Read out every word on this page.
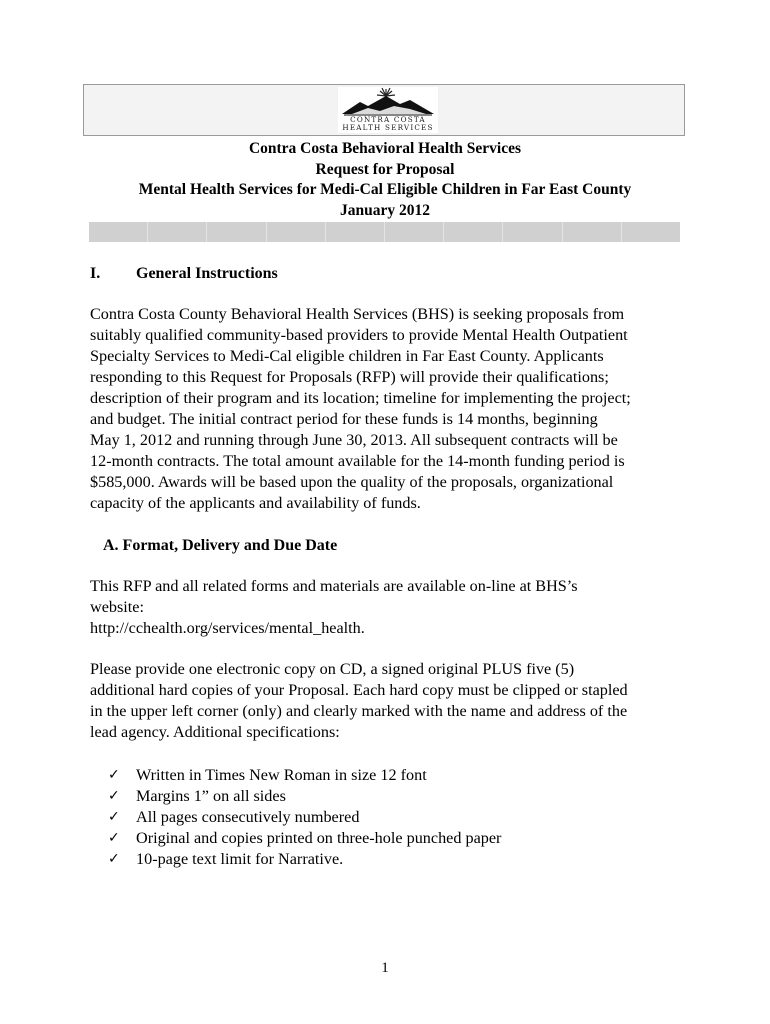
CONTRA COSTA
HEALTH SERVICES
Contra Costa Behavioral Health Services
Request for Proposal
Mental Health Services for Medi-Cal Eligible Children in Far East County
January 2012
I. General Instructions
Contra Costa County Behavioral Health Services (BHS) is seeking proposals from
suitably qualified community-based providers to provide Mental Health Outpatient
Specialty Services to Medi-Cal eligible children in Far East County. Applicants
responding to this Request for Proposals (RFP) will provide their qualifications;
description of their program and its location; timeline for implementing the project;
and budget. The initial contract period for these funds is 14 months, beginning
May 1, 2012 and running through June 30, 2013. All subsequent contracts will be
12-month contracts. The total amount available for the 14-month funding period is
$585,000. Awards will be based upon the quality of the proposals, organizational
capacity of the applicants and availability of funds.
A. Format, Delivery and Due Date
This RFP and all related forms and materials are available on-line at BHS’s
website:
http://cchealth.org/services/mental_health.
Please provide one electronic copy on CD, a signed original PLUS five (5)
additional hard copies of your Proposal. Each hard copy must be clipped or stapled
in the upper left corner (only) and clearly marked with the name and address of the
lead agency. Additional specifications:
✓ Written in Times New Roman in size 12 font
✓ Margins 1” on all sides
✓ All pages consecutively numbered
✓ Original and copies printed on three-hole punched paper
✓ 10-page text limit for Narrative.
1
